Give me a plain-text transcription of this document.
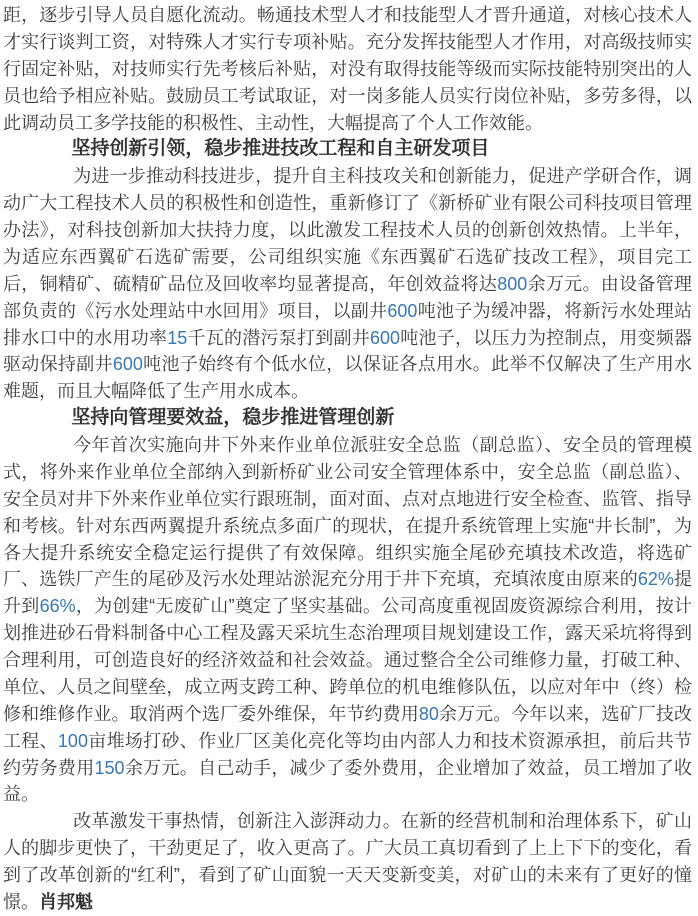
距，逐步引导人员自愿化流动。畅通技术型人才和技能型人才晋升通道，对核心技术人才实行谈判工资，对特殊人才实行专项补贴。充分发挥技能型人才作用，对高级技师实行固定补贴，对技师实行先考核后补贴，对没有取得技能等级而实际技能特别突出的人员也给予相应补贴。鼓励员工考试取证，对一岗多能人员实行岗位补贴，多劳多得，以此调动员工多学技能的积极性、主动性，大幅提高了个人工作效能。

坚持创新引领，稳步推进技改工程和自主研发项目

为进一步推动科技进步，提升自主科技攻关和创新能力，促进产学研合作，调动广大工程技术人员的积极性和创造性，重新修订了《新桥矿业有限公司科技项目管理办法》，对科技创新加大扶持力度，以此激发工程技术人员的创新创效热情。上半年，为适应东西翼矿石选矿需要，公司组织实施《东西翼矿石选矿技改工程》，项目完工后，铜精矿、硫精矿品位及回收率均显著提高，年创效益将达800余万元。由设备管理部负责的《污水处理站中水回用》项目，以副井600吨池子为缓冲器，将新污水处理站排水口中的水用功率15千瓦的潜污泵打到副井600吨池子，以压力为控制点，用变频器驱动保持副井600吨池子始终有个低水位，以保证各点用水。此举不仅解决了生产用水难题，而且大幅降低了生产用水成本。

坚持向管理要效益，稳步推进管理创新

今年首次实施向井下外来作业单位派驻安全总监（副总监）、安全员的管理模式，将外来作业单位全部纳入到新桥矿业公司安全管理体系中，安全总监（副总监）、安全员对井下外来作业单位实行跟班制，面对面、点对点地进行安全检查、监管、指导和考核。针对东西两翼提升系统点多面广的现状，在提升系统管理上实施“井长制”，为各大提升系统安全稳定运行提供了有效保障。组织实施全尾砂充填技术改造，将选矿厂、选铁厂产生的尾砂及污水处理站淤泥充分用于井下充填，充填浓度由原来的62%提升到66%，为创建“无废矿山”奠定了坚实基础。公司高度重视固废资源综合利用，按计划推进砂石骨料制备中心工程及露天采坑生态治理项目规划建设工作，露天采坑将得到合理利用，可创造良好的经济效益和社会效益。通过整合全公司维修力量，打破工种、单位、人员之间壁垒，成立两支跨工种、跨单位的机电维修队伍，以应对年中（终）检修和维修作业。取消两个选厂委外维保，年节约费用80余万元。今年以来，选矿厂技改工程、100亩堆场打砂、作业厂区美化亮化等均由内部人力和技术资源承担，前后共节约劳务费用150余万元。自己动手，减少了委外费用，企业增加了效益，员工增加了收益。

改革激发干事热情，创新注入澎湃动力。在新的经营机制和治理体系下，矿山人的脚步更快了，干劲更足了，收入更高了。广大员工真切看到了上上下下的变化，看到了改革创新的“红利”，看到了矿山面貌一天天变新变美，对矿山的未来有了更好的憧憬。肖邦魁
